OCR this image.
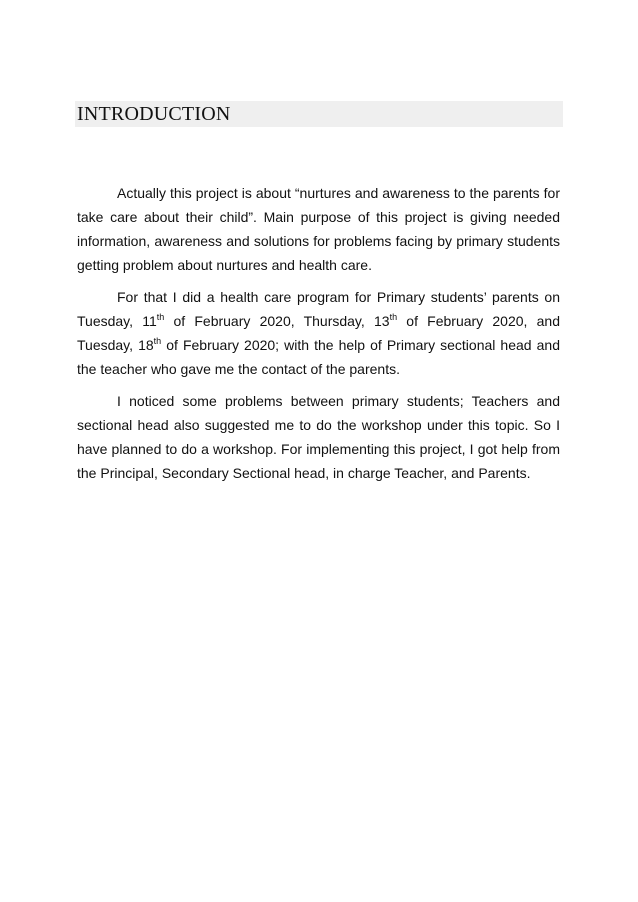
INTRODUCTION

Actually this project is about “nurtures and awareness to the parents for take care about their child”. Main purpose of this project is giving needed information, awareness and solutions for problems facing by primary students getting problem about nurtures and health care.

For that I did a health care program for Primary students’ parents on Tuesday, 11th of February 2020, Thursday, 13th of February 2020, and Tuesday, 18th of February 2020; with the help of Primary sectional head and the teacher who gave me the contact of the parents.

I noticed some problems between primary students; Teachers and sectional head also suggested me to do the workshop under this topic. So I have planned to do a workshop. For implementing this project, I got help from the Principal, Secondary Sectional head, in charge Teacher, and Parents.
